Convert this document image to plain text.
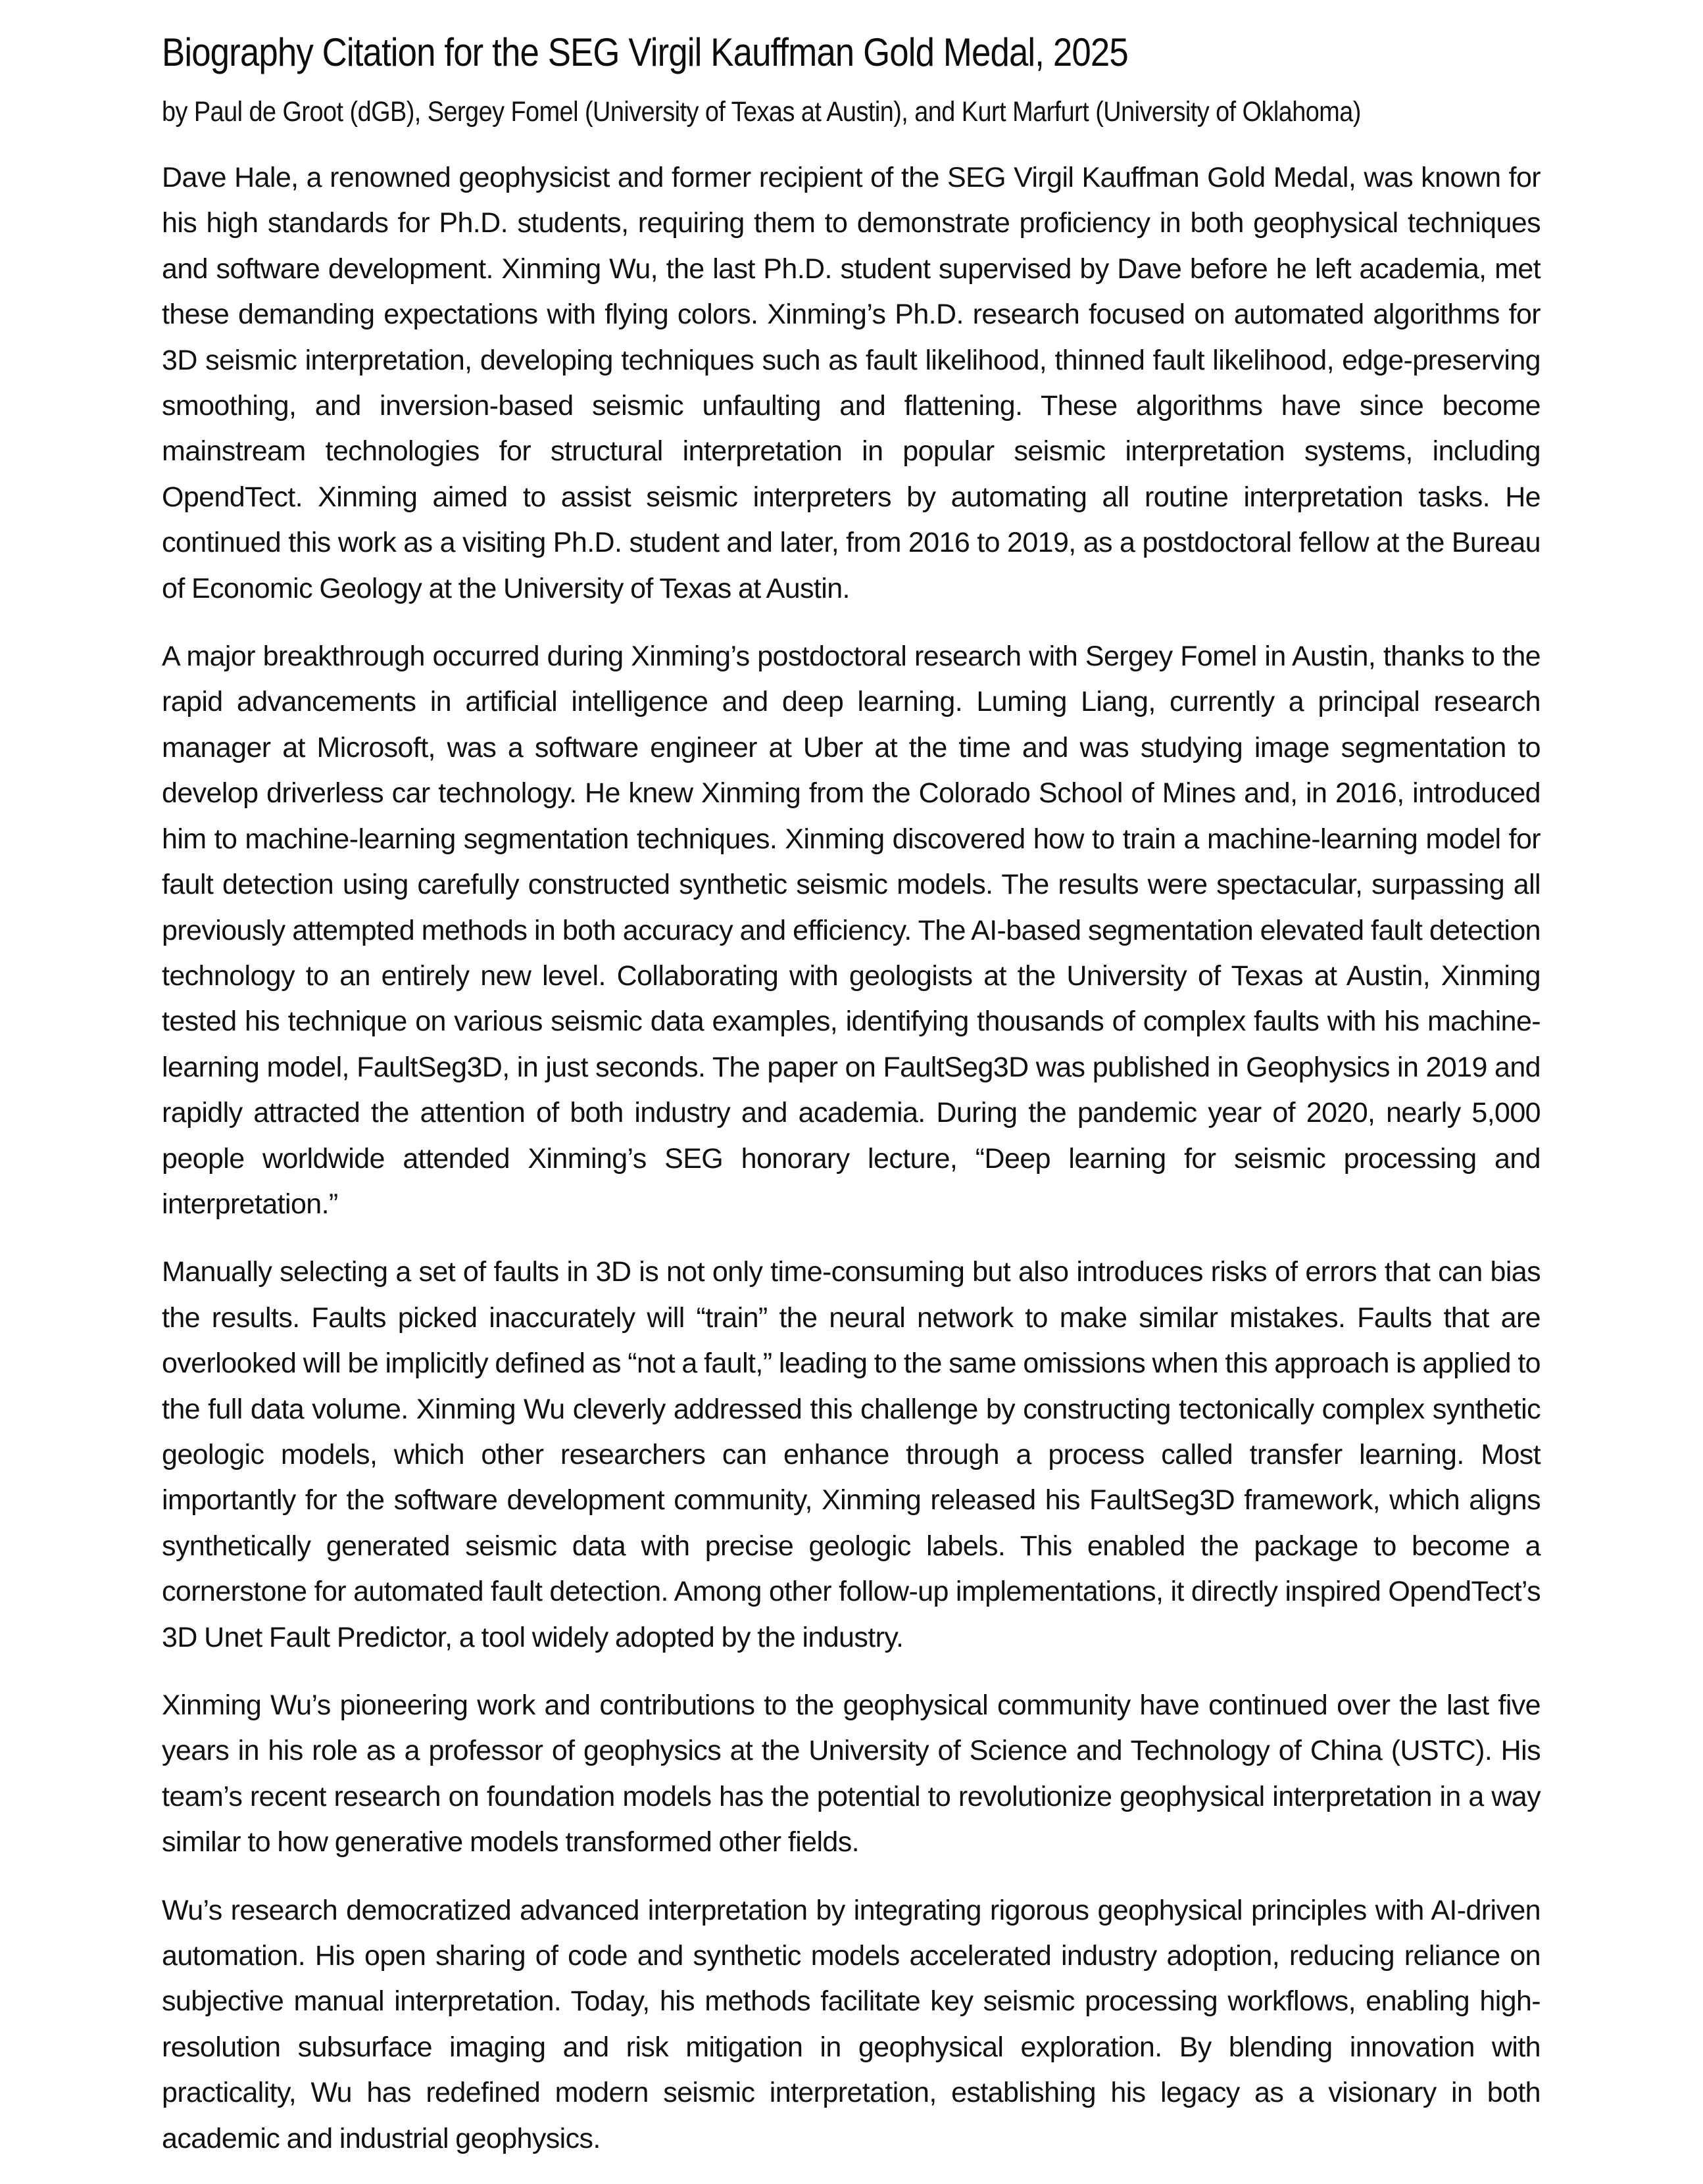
Biography Citation for the SEG Virgil Kauffman Gold Medal, 2025

by Paul de Groot (dGB), Sergey Fomel (University of Texas at Austin), and Kurt Marfurt (University of Oklahoma)

Dave Hale, a renowned geophysicist and former recipient of the SEG Virgil Kauffman Gold Medal, was known for his high standards for Ph.D. students, requiring them to demonstrate proficiency in both geophysical techniques and software development. Xinming Wu, the last Ph.D. student supervised by Dave before he left academia, met these demanding expectations with flying colors. Xinming’s Ph.D. research focused on automated algorithms for 3D seismic interpretation, developing techniques such as fault likelihood, thinned fault likelihood, edge-preserving smoothing, and inversion-based seismic unfaulting and flattening. These algorithms have since become mainstream technologies for structural interpretation in popular seismic interpretation systems, including OpendTect. Xinming aimed to assist seismic interpreters by automating all routine interpretation tasks. He continued this work as a visiting Ph.D. student and later, from 2016 to 2019, as a postdoctoral fellow at the Bureau of Economic Geology at the University of Texas at Austin.

A major breakthrough occurred during Xinming’s postdoctoral research with Sergey Fomel in Austin, thanks to the rapid advancements in artificial intelligence and deep learning. Luming Liang, currently a principal research manager at Microsoft, was a software engineer at Uber at the time and was studying image segmentation to develop driverless car technology. He knew Xinming from the Colorado School of Mines and, in 2016, introduced him to machine-learning segmentation techniques. Xinming discovered how to train a machine-learning model for fault detection using carefully constructed synthetic seismic models. The results were spectacular, surpassing all previously attempted methods in both accuracy and efficiency. The AI-based segmentation elevated fault detection technology to an entirely new level. Collaborating with geologists at the University of Texas at Austin, Xinming tested his technique on various seismic data examples, identifying thousands of complex faults with his machine-learning model, FaultSeg3D, in just seconds. The paper on FaultSeg3D was published in Geophysics in 2019 and rapidly attracted the attention of both industry and academia. During the pandemic year of 2020, nearly 5,000 people worldwide attended Xinming’s SEG honorary lecture, “Deep learning for seismic processing and interpretation.”

Manually selecting a set of faults in 3D is not only time-consuming but also introduces risks of errors that can bias the results. Faults picked inaccurately will “train” the neural network to make similar mistakes. Faults that are overlooked will be implicitly defined as “not a fault,” leading to the same omissions when this approach is applied to the full data volume. Xinming Wu cleverly addressed this challenge by constructing tectonically complex synthetic geologic models, which other researchers can enhance through a process called transfer learning. Most importantly for the software development community, Xinming released his FaultSeg3D framework, which aligns synthetically generated seismic data with precise geologic labels. This enabled the package to become a cornerstone for automated fault detection. Among other follow-up implementations, it directly inspired OpendTect’s 3D Unet Fault Predictor, a tool widely adopted by the industry.

Xinming Wu’s pioneering work and contributions to the geophysical community have continued over the last five years in his role as a professor of geophysics at the University of Science and Technology of China (USTC). His team’s recent research on foundation models has the potential to revolutionize geophysical interpretation in a way similar to how generative models transformed other fields.

Wu’s research democratized advanced interpretation by integrating rigorous geophysical principles with AI-driven automation. His open sharing of code and synthetic models accelerated industry adoption, reducing reliance on subjective manual interpretation. Today, his methods facilitate key seismic processing workflows, enabling high-resolution subsurface imaging and risk mitigation in geophysical exploration. By blending innovation with practicality, Wu has redefined modern seismic interpretation, establishing his legacy as a visionary in both academic and industrial geophysics.
